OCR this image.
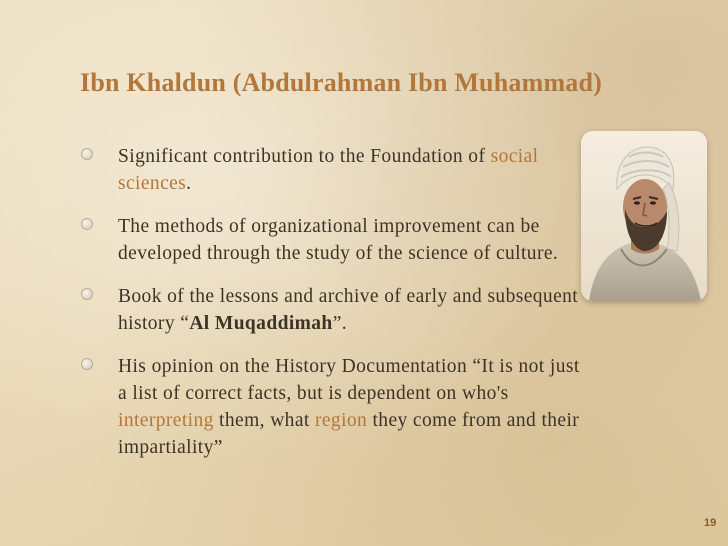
Ibn Khaldun (Abdulrahman Ibn Muhammad)
Significant contribution to the Foundation of social sciences.
The methods of organizational improvement can be developed through the study of the science of culture.
Book of the lessons and archive of early and subsequent history “Al Muqaddimah”.
His opinion on the History Documentation “It is not just a list of correct facts, but is dependent on who's interpreting them, what region they come from and their impartiality”
19
